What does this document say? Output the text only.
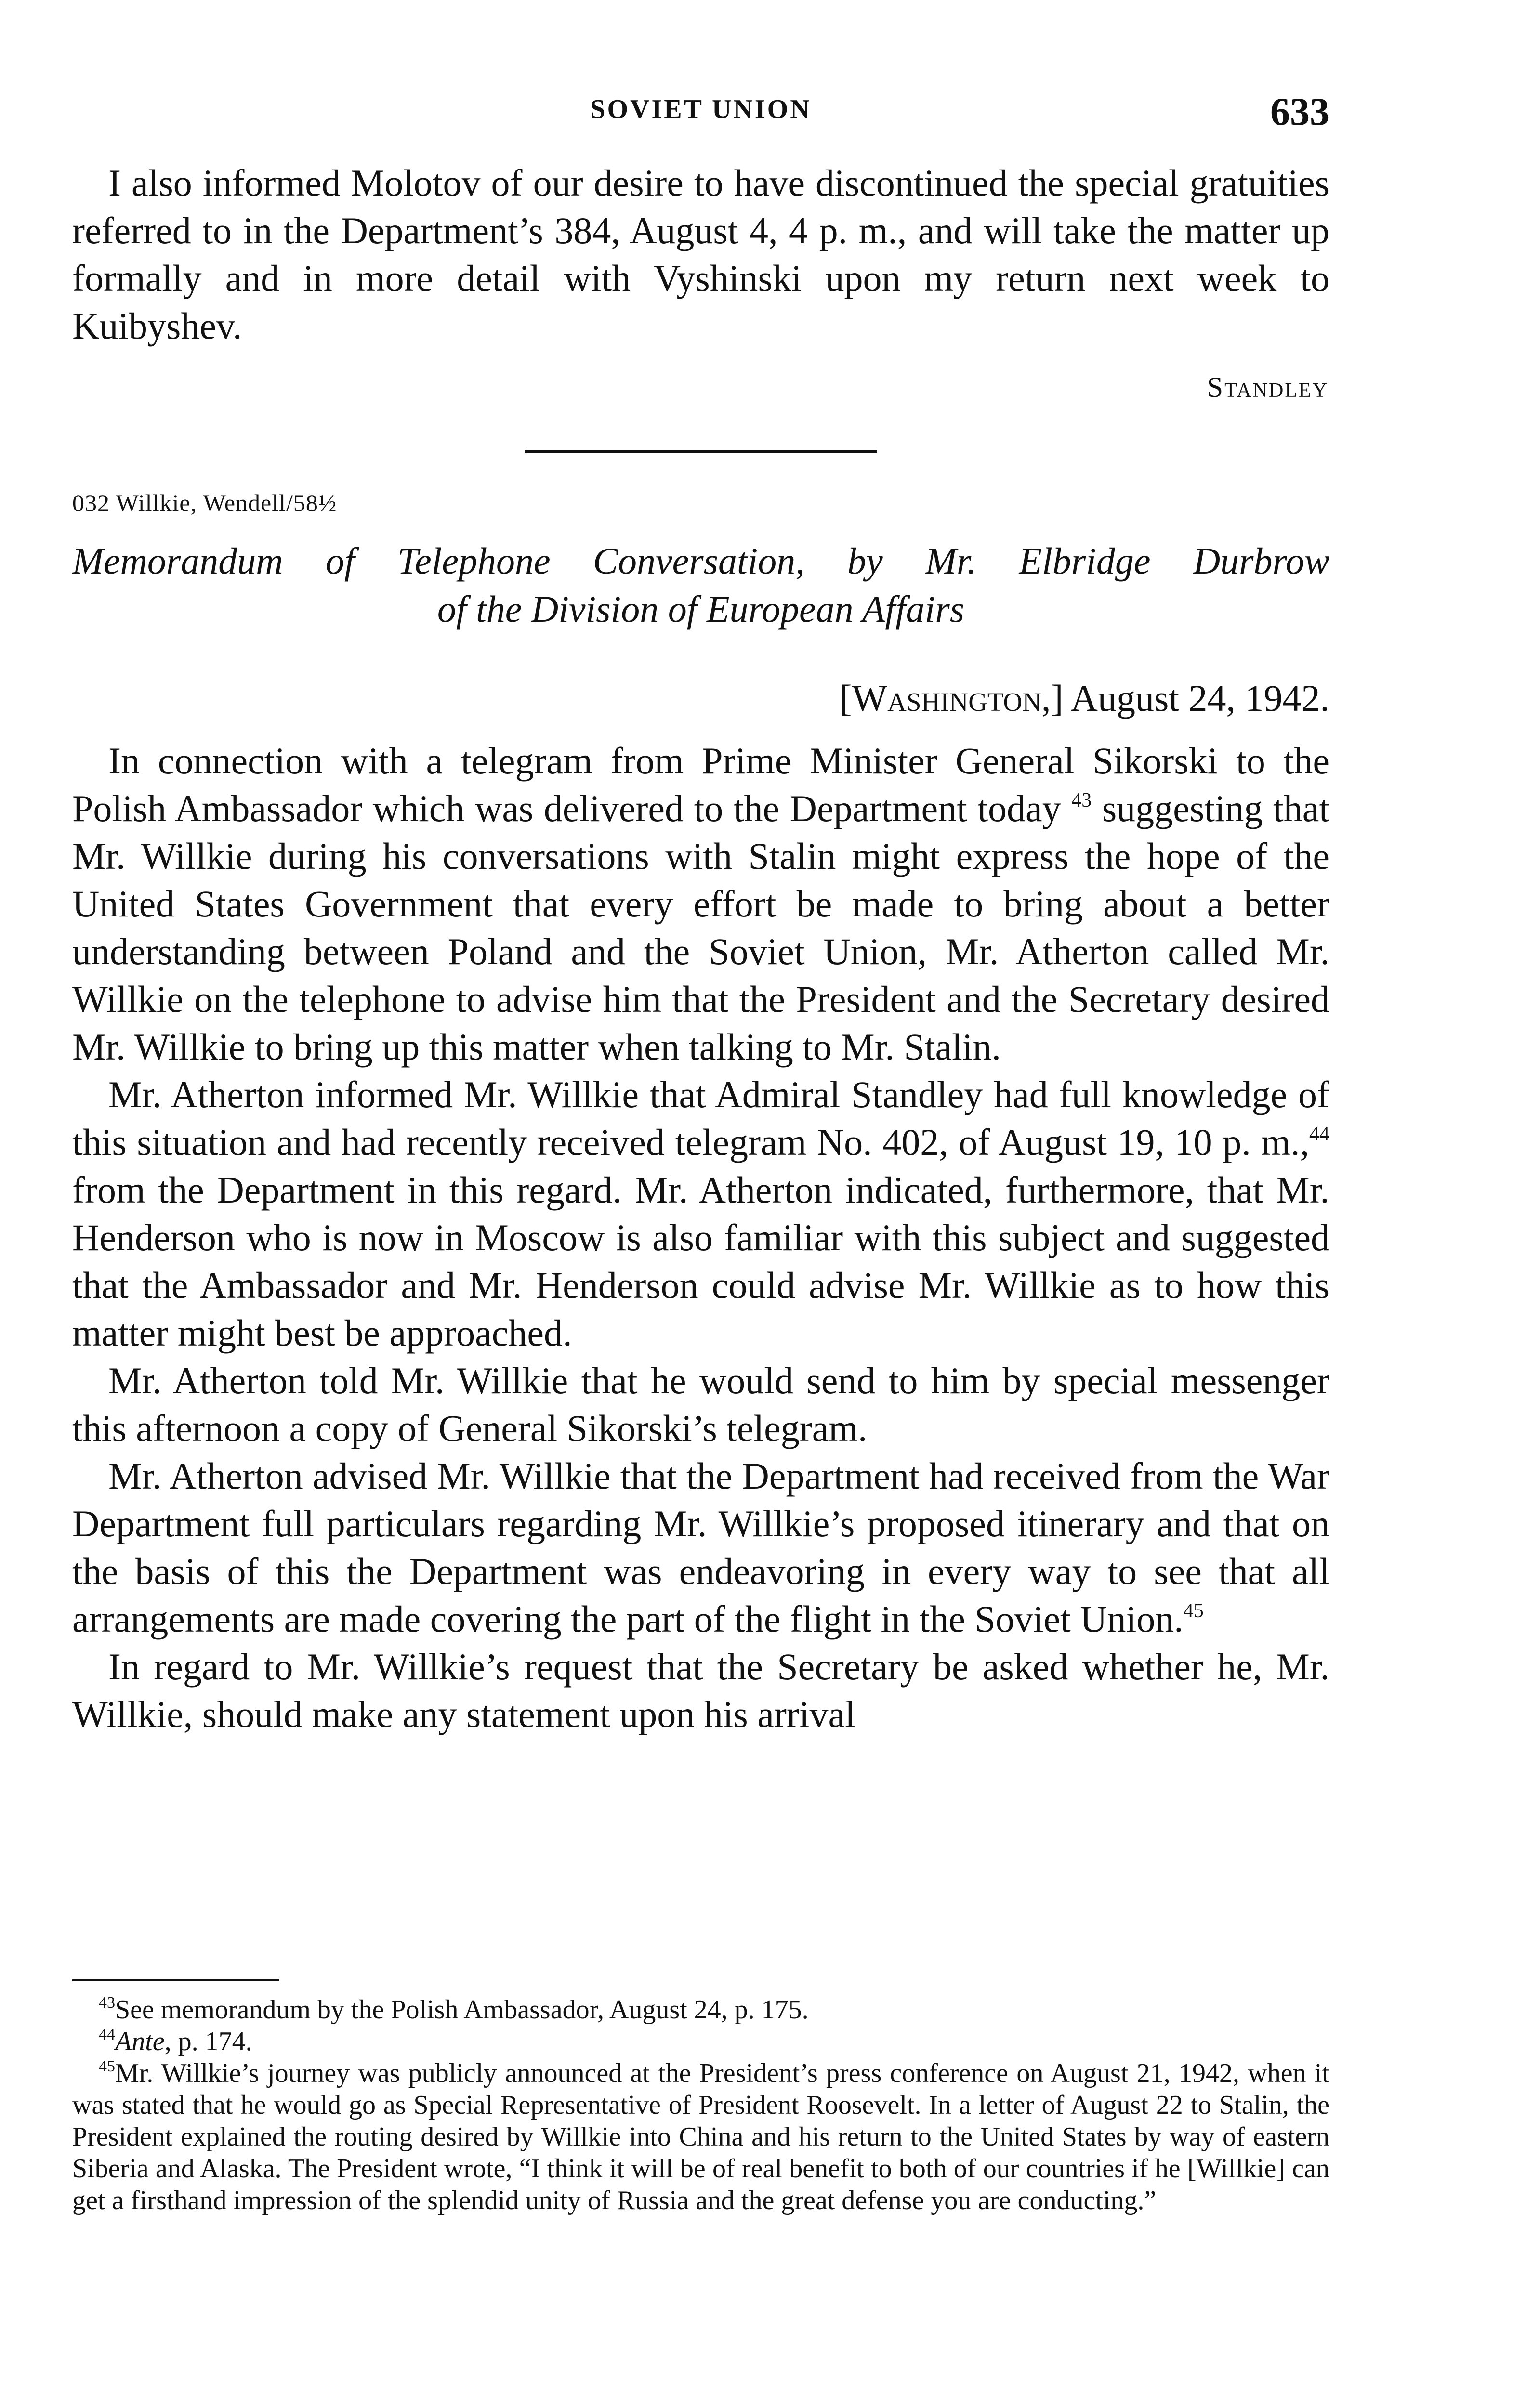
SOVIET UNION	633

I also informed Molotov of our desire to have discontinued the special gratuities referred to in the Department’s 384, August 4, 4 p. m., and will take the matter up formally and in more detail with Vyshinski upon my return next week to Kuibyshev.

Standley
032 Willkie, Wendell/58½
Memorandum of Telephone Conversation, by Mr. Elbridge Durbrow
of the Division of European Affairs
[Washington,] August 24, 1942.

In connection with a telegram from Prime Minister General Sikorski to the Polish Ambassador which was delivered to the Department today $^{43}$ suggesting that Mr. Willkie during his conversations with Stalin might express the hope of the United States Government that every effort be made to bring about a better understanding between Poland and the Soviet Union, Mr. Atherton called Mr. Willkie on the telephone to advise him that the President and the Secretary desired Mr. Willkie to bring up this matter when talking to Mr. Stalin.

Mr. Atherton informed Mr. Willkie that Admiral Standley had full knowledge of this situation and had recently received telegram No. 402, of August 19, 10 p. m.,$^{44}$ from the Department in this regard. Mr. Atherton indicated, furthermore, that Mr. Henderson who is now in Moscow is also familiar with this subject and suggested that the Ambassador and Mr. Henderson could advise Mr. Willkie as to how this matter might best be approached.

Mr. Atherton told Mr. Willkie that he would send to him by special messenger this afternoon a copy of General Sikorski’s telegram.

Mr. Atherton advised Mr. Willkie that the Department had received from the War Department full particulars regarding Mr. Willkie’s proposed itinerary and that on the basis of this the Department was endeavoring in every way to see that all arrangements are made covering the part of the flight in the Soviet Union.$^{45}$

In regard to Mr. Willkie’s request that the Secretary be asked whether he, Mr. Willkie, should make any statement upon his arrival

$^{43}$See memorandum by the Polish Ambassador, August 24, p. 175.

$^{44}$Ante, p. 174.

$^{45}$Mr. Willkie’s journey was publicly announced at the President’s press conference on August 21, 1942, when it was stated that he would go as Special Representative of President Roosevelt. In a letter of August 22 to Stalin, the President explained the routing desired by Willkie into China and his return to the United States by way of eastern Siberia and Alaska. The President wrote, “I think it will be of real benefit to both of our countries if he [Willkie] can get a firsthand impression of the splendid unity of Russia and the great defense you are conducting.”
